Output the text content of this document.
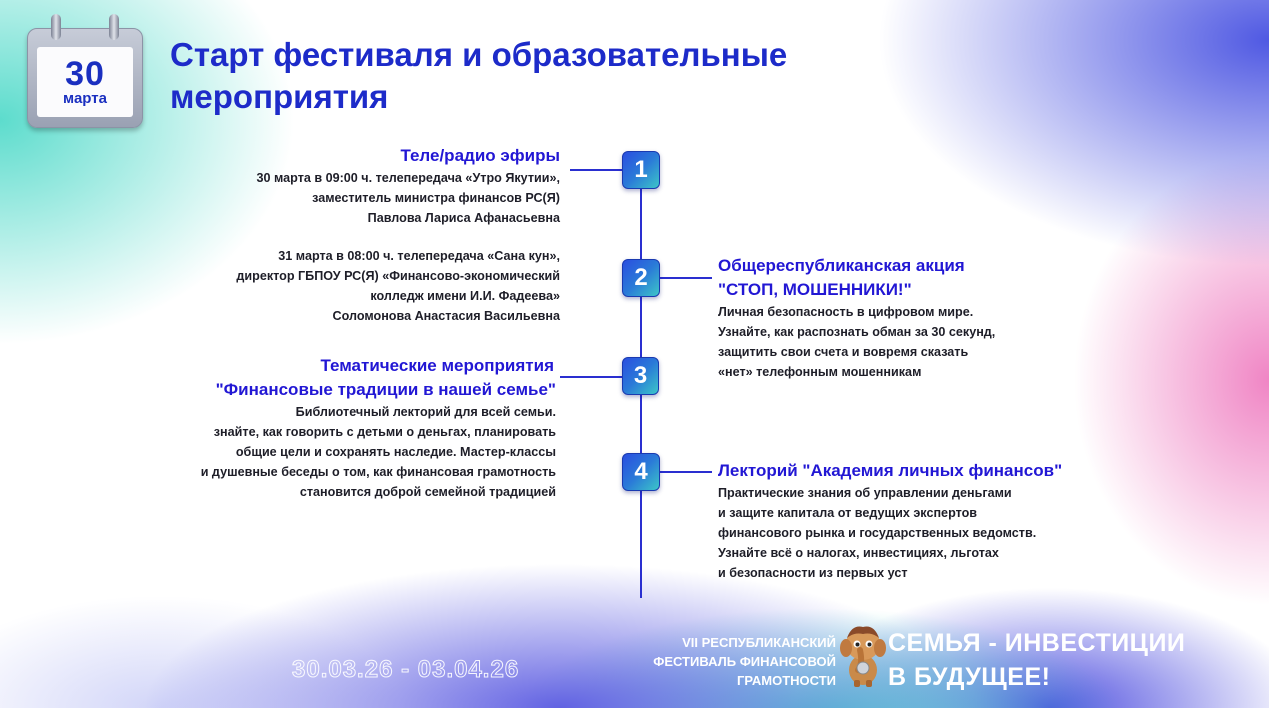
30
марта
Старт фестиваля и образовательные
мероприятия
1
2
3
4
Теле/радио эфиры
30 марта в 09:00 ч. телепередача «Утро Якутии»,
заместитель министра финансов РС(Я)
Павлова Лариса Афанасьевна
31 марта в 08:00 ч. телепередача «Сана кун»,
директор ГБПОУ РС(Я) «Финансово-экономический
колледж имени И.И. Фадеева»
Соломонова Анастасия Васильевна
Общереспубликанская акция
"СТОП, МОШЕННИКИ!"
Личная безопасность в цифровом мире.
Узнайте, как распознать обман за 30 секунд,
защитить свои счета и вовремя сказать
«нет» телефонным мошенникам
Тематические мероприятия
"Финансовые традиции в нашей семье"
Библиотечный лекторий для всей семьи.
знайте, как говорить с детьми о деньгах, планировать
общие цели и сохранять наследие. Мастер-классы
и душевные беседы о том, как финансовая грамотность
становится доброй семейной традицией
Лекторий "Академия личных финансов"
Практические знания об управлении деньгами
и защите капитала от ведущих экспертов
финансового рынка и государственных ведомств.
Узнайте всё о налогах, инвестициях, льготах
и безопасности из первых уст
30.03.26 - 03.04.26
VII РЕСПУБЛИКАНСКИЙ
ФЕСТИВАЛЬ ФИНАНСОВОЙ
ГРАМОТНОСТИ
СЕМЬЯ - ИНВЕСТИЦИИ
В БУДУЩЕЕ!
